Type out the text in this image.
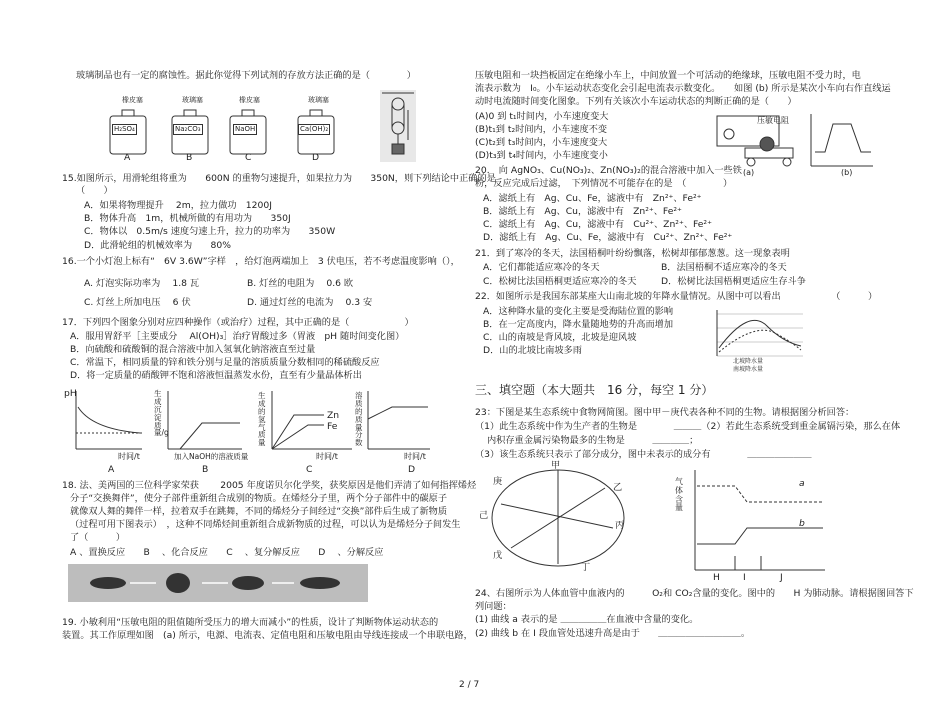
玻璃制品也有一定的腐蚀性。据此你觉得下列试剂的存放方法正确的是（　　　　）
橡皮塞	玻璃塞	橡皮塞	玻璃塞
H₂SO₄	Na₂CO₃	NaOH	Ca(OH)₂
A	B	C	D
15.如图所示，用滑轮组将重为　　600N 的重物匀速提升，如果拉力为　　350N，则下列结论中正确的是
（　　）
A．如果将物理提升　 2m，拉力做功　1200J
B．物体升高　1m，机械所做的有用功为　　350J
C．物体以　0.5m/s 速度匀速上升，拉力的功率为　　350W
D．此滑轮组的机械效率为　　80%
16.一个小灯泡上标有“　6V 3.6W”字样　，给灯泡两端加上　3 伏电压，若不考虑温度影响（），
A. 灯泡实际功率为　 1.8 瓦	B. 灯丝的电阻为　 0.6 欧
C. 灯丝上所加电压　 6 伏	D. 通过灯丝的电流为　 0.3 安
17．下列四个图象分别对应四种操作（或治疗）过程，其中正确的是（　　　　　　）
A．服用胃舒平［主要成分　 Al(OH)₃］治疗胃酸过多（胃液　pH 随时间变化图）
B．向硫酸和硫酸铜的混合溶液中加入氢氧化钠溶液直至过量
C．常温下，相同质量的锌和铁分别与足量的溶质质量分数相同的稀硫酸反应
D．将一定质量的硝酸钾不饱和溶液恒温蒸发水份，直至有少量晶体析出
pH
时间/t
A
生成沉淀质量/g
加入NaOH的溶液质量
B
生成的氢气质量
Zn
Fe
时间/t
C
溶质的质量分数
时间/t
D
18. 法、美两国的三位科学家荣获　　 2005 年度诺贝尔化学奖，获奖原因是他们弄清了如何指挥烯烃
分子“交换舞伴”，使分子部件重新组合成别的物质。在烯烃分子里，两个分子部件中的碳原子
就像双人舞的舞伴一样，拉着双手在跳舞，不同的烯烃分子间经过“交换”部件后生成了新物质
（过程可用下图表示）　，这种不同烯烃间重新组合成新物质的过程，可以认为是烯烃分子间发生
了（　　　）
A 、置换反应　　B　 、化合反应　　C　 、复分解反应　　D　 、分解反应
19. 小敏利用“压敏电阻的阻值随所受压力的增大而减小”的性质，设计了判断物体运动状态的
装置。其工作原理如图　(a) 所示，电源、电流表、定值电阻和压敏电阻由导线连接成一个串联电路，
压敏电阻和一块挡板固定在绝缘小车上，中间放置一个可活动的绝缘球，压敏电阻不受力时，电
流表示数为　I₀。小车运动状态变化会引起电流表示数变化。　　如图 (b) 所示是某次小车向右作直线运
动时电流随时间变化图象。下列有关该次小车运动状态的判断正确的是（　　）
(A)0 到 t₁时间内，小车速度变大
(B)t₁到 t₂时间内，小车速度不变
(C)t₂到 t₃时间内，小车速度变大
(D)t₃到 t₄时间内，小车速度变小
压敏电阻
(a)	(b)
20.　向 AgNO₃、Cu(NO₃)₂、Zn(NO₃)₂的混合溶液中加入一些铁
粉，反应完成后过滤，　下列情况不可能存在的是　（　　　　）
A．滤纸上有　Ag、Cu、Fe，滤液中有　Zn²⁺、Fe²⁺
B．滤纸上有　Ag、Cu，滤液中有　Zn²⁺、Fe²⁺
C．滤纸上有　Ag、Cu，滤液中有　Cu²⁺、Zn²⁺、Fe²⁺
D．滤纸上有　Ag、Cu、Fe，滤液中有　Cu²⁺、Zn²⁺、Fe²⁺
21．到了寒冷的冬天，法国梧桐叶纷纷飘落，松树却郁郁葱葱。这一现象表明
A．它们都能适应寒冷的冬天	B．法国梧桐不适应寒冷的冬天
C．松树比法国梧桐更适应寒冷的冬天	D．松树比法国梧桐更适应生存斗争
22．如图所示是我国东部某座大山南北坡的年降水量情况。从图中可以看出　　　　　　（　　　）
A．这种降水量的变化主要是受海陆位置的影响
B．在一定高度内，降水量随地势的升高而增加
C．山的南坡是背风坡，北坡是迎风坡
D．山的北坡比南坡多雨
北坡降水量
南坡降水量
三、填空题（本大题共　16 分，每空 1 分）
23：下图是某生态系统中食物网简图。图中甲－庚代表各种不同的生物。请根据图分析回答：
（1）此生态系统中作为生产者的生物是　　　　＿＿＿（2）若此生态系统受到重金属镉污染，那么在体
内积存重金属污染物最多的生物是　　　＿＿＿＿；
（3）该生态系统只表示了部分成分，图中未表示的成分有　　　　＿＿＿＿＿＿＿
甲
乙
丙
丁
戊
己
庚	气体含量
a
b
H	I	J
24、右图所示为人体血管中血液内的　　　O₂和 CO₂含量的变化。图中的　　H 为肺动脉。请根据图回答下
列问题：
(1) 曲线 a 表示的是 ＿＿＿＿＿在血液中含量的变化。
(2) 曲线 b 在 I 段血管处迅速升高是由于　　＿＿＿＿＿＿＿＿＿。
2 / 7
